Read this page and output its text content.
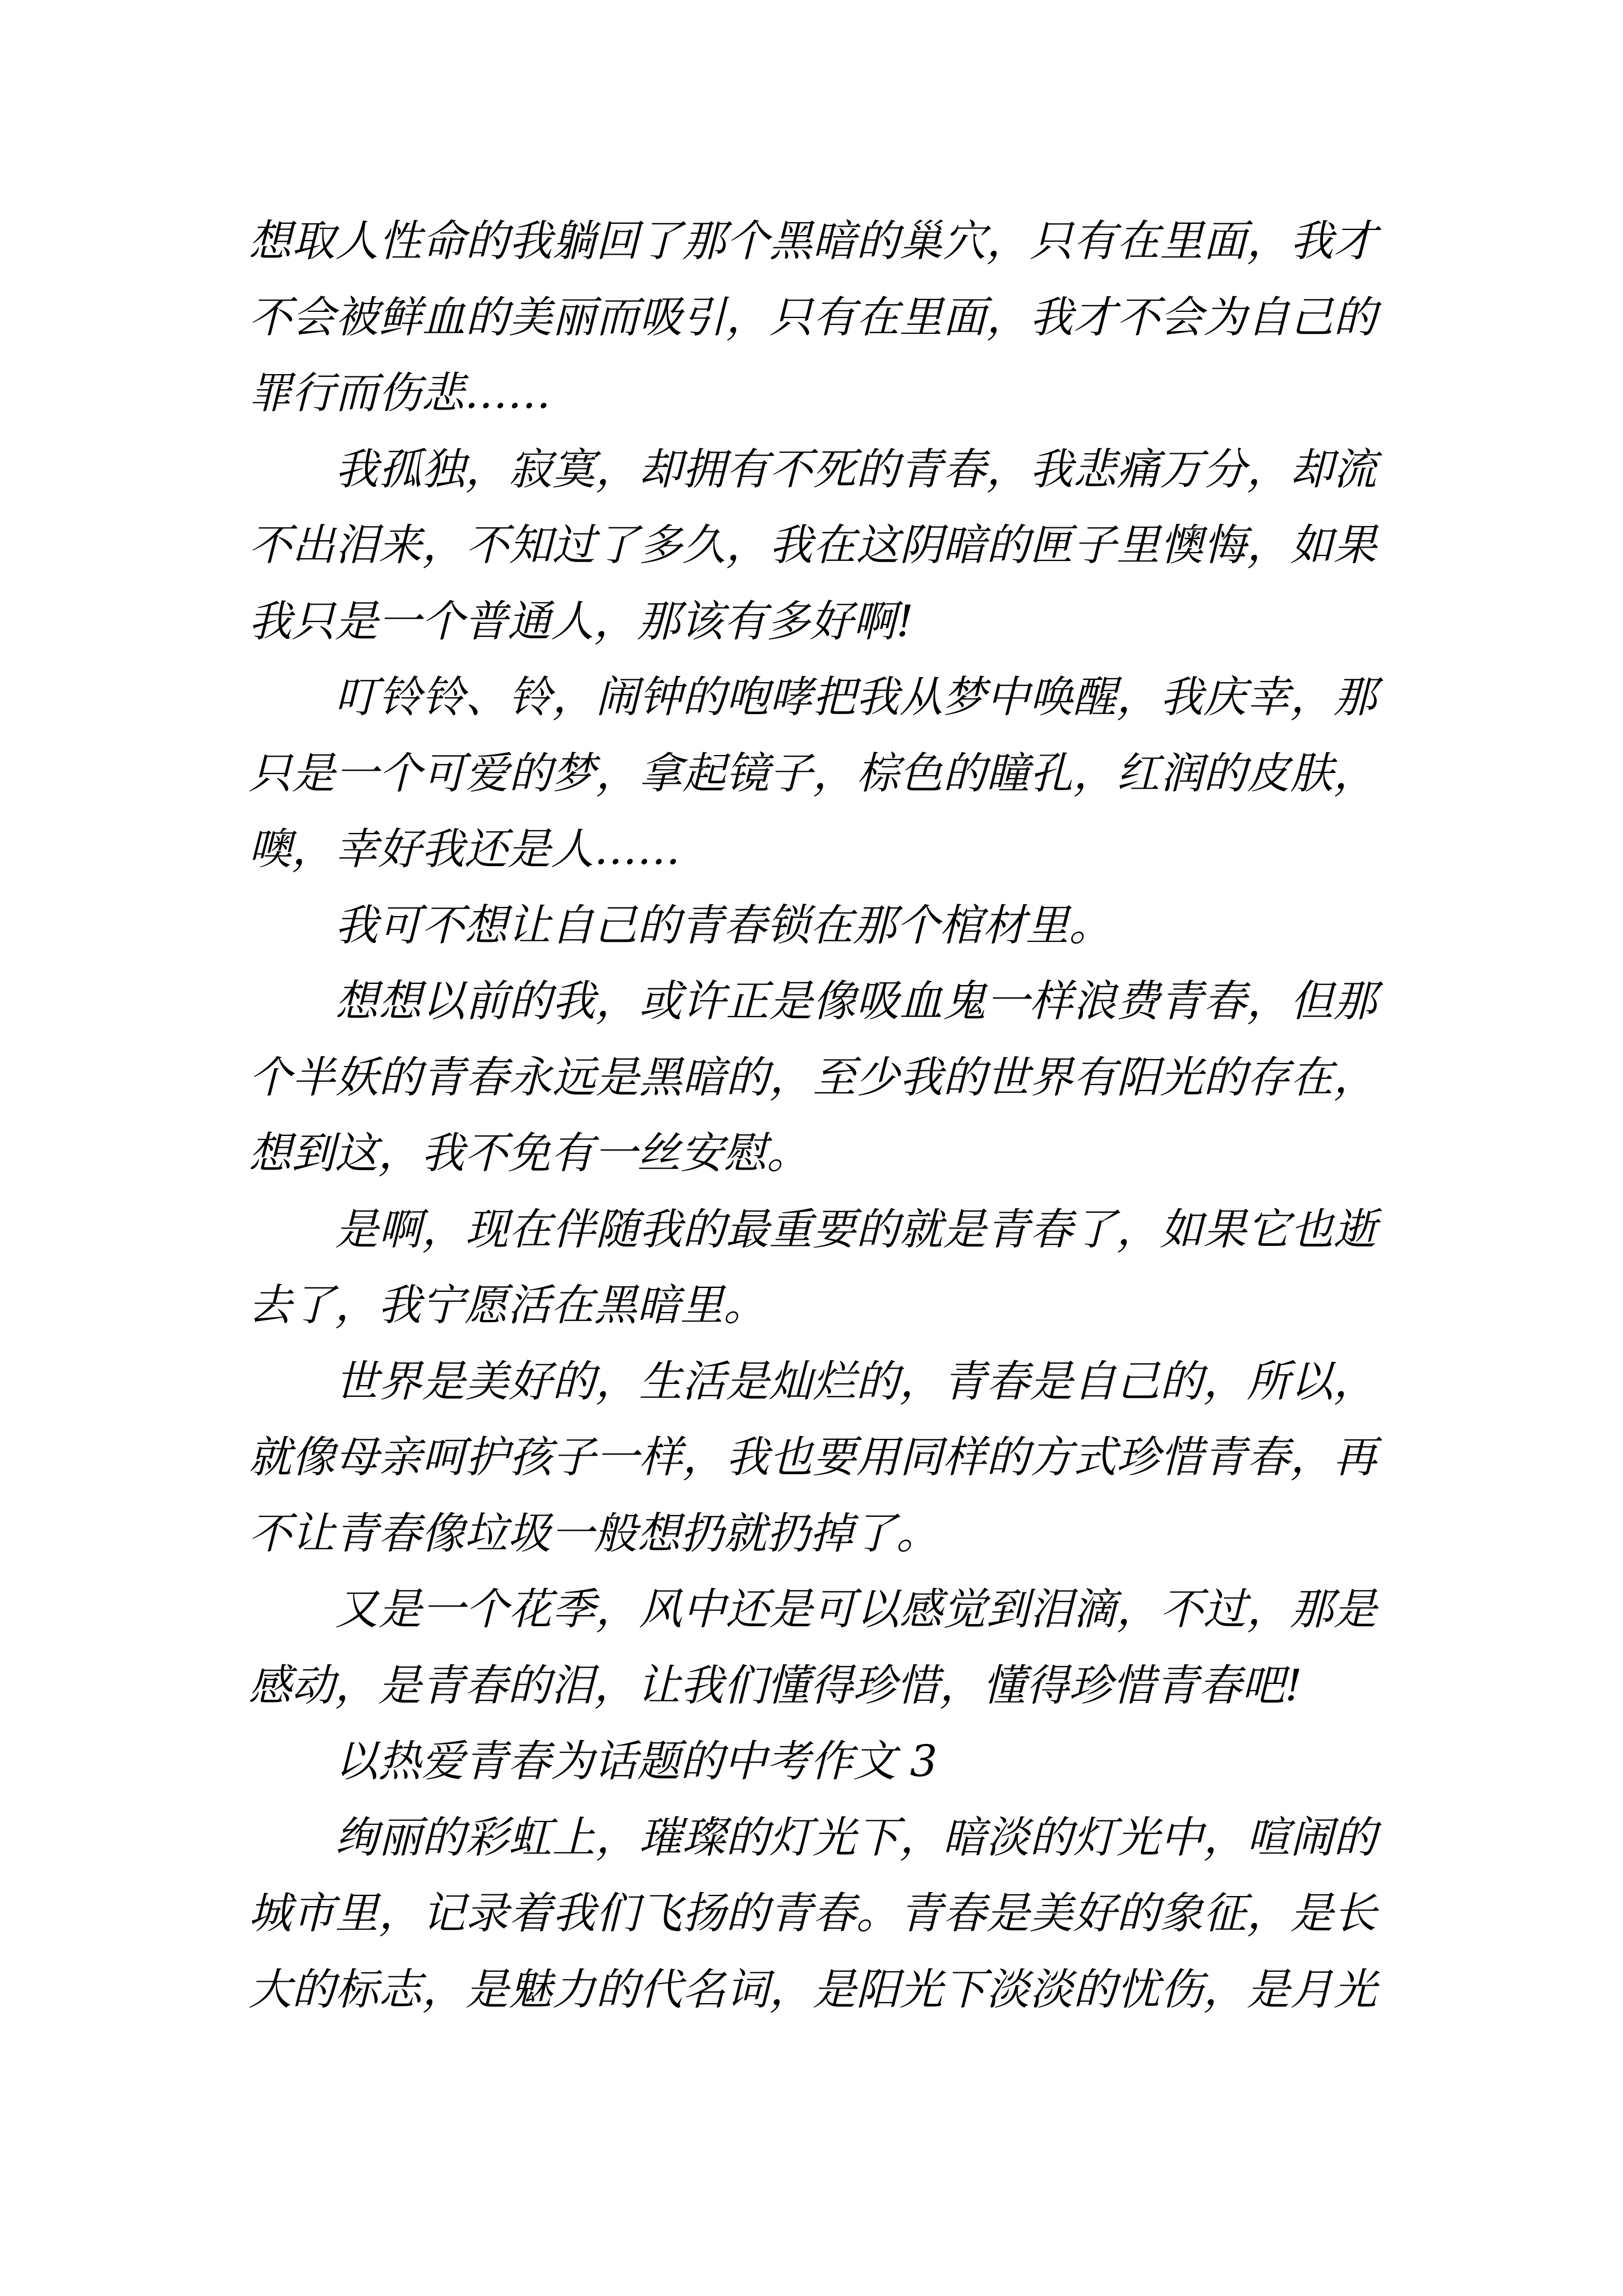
想 取 人 性 命 的 我 躺 回 了 那 个 黑 暗 的 巢 穴 ， 只 有 在 里 面 ， 我 才
不 会 被 鲜 血 的 美 丽 而 吸 引 ， 只 有 在 里 面 ， 我 才 不 会 为 自 己 的
罪行而伤悲……
我 孤 独 ， 寂 寞 ， 却 拥 有 不 死 的 青 春 ， 我 悲 痛 万 分 ， 却 流
不 出 泪 来 ， 不 知 过 了 多 久 ， 我 在 这 阴 暗 的 匣 子 里 懊 悔 ， 如 果
我只是一个普通人，那该有多好啊!
叮 铃 铃 、 铃 ， 闹 钟 的 咆 哮 把 我 从 梦 中 唤 醒 ， 我 庆 幸 ， 那
只 是 一 个 可 爱 的 梦 ， 拿 起 镜 子 ， 棕 色 的 瞳 孔 ， 红 润 的 皮 肤 ，
噢，幸好我还是人……
我可不想让自己的青春锁在那个棺材里。
想 想 以 前 的 我 ， 或 许 正 是 像 吸 血 鬼 一 样 浪 费 青 春 ， 但 那
个 半 妖 的 青 春 永 远 是 黑 暗 的 ， 至 少 我 的 世 界 有 阳 光 的 存 在 ，
想到这，我不免有一丝安慰。
是 啊 ， 现 在 伴 随 我 的 最 重 要 的 就 是 青 春 了 ， 如 果 它 也 逝
去了，我宁愿活在黑暗里。
世 界 是 美 好 的 ， 生 活 是 灿 烂 的 ， 青 春 是 自 己 的 ， 所 以 ，
就 像 母 亲 呵 护 孩 子 一 样 ， 我 也 要 用 同 样 的 方 式 珍 惜 青 春 ， 再
不让青春像垃圾一般想扔就扔掉了。
又 是 一 个 花 季 ， 风 中 还 是 可 以 感 觉 到 泪 滴 ， 不 过 ， 那 是
感动，是青春的泪，让我们懂得珍惜，懂得珍惜青春吧!
以热爱青春为话题的中考作文 3
绚 丽 的 彩 虹 上 ， 璀 璨 的 灯 光 下 ， 暗 淡 的 灯 光 中 ， 喧 闹 的
城 市 里 ， 记 录 着 我 们 飞 扬 的 青 春 。 青 春 是 美 好 的 象 征 ， 是 长
大 的 标 志 ， 是 魅 力 的 代 名 词 ， 是 阳 光 下 淡 淡 的 忧 伤 ， 是 月 光
